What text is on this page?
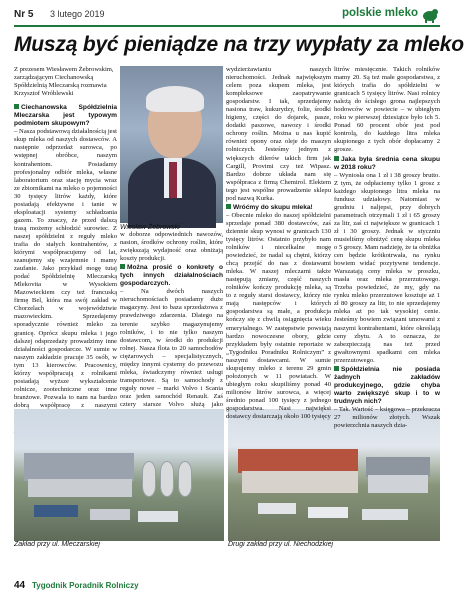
Nr 5 3 lutego 2019	polskie mleko
Muszą być pieniądze na trzy wypłaty za mleko

Z prezesem Wiesławem Żebrowskim, zarządzającym Ciechanowską Spółdzielnią Mleczarską rozmawia Krzysztof Wróblewski

Ciechanowska Spółdzielnia Mleczarska jest typowym podmiotem skupowym?

– Nasza podstawową działalnością jest skup mleka od naszych dostawców. A następnie odprzedaż surowca, po wstępnej obróbce, naszym kontrahentom. Posiadamy profesjonalny odbiór mleka, własne laboratorium oraz stację mycia wraz ze zbiornikami na mleko o pojemności 30 tysięcy litrów każdy, które posiadają efektywne i tanie w eksploatacji systemy schładzania gazem. To znaczy, że przed dalszą trasą możemy schłodzić surowiec. Z naszej spółdzielni z reguły mleko trafia do stałych kontrahentów, z którymi współpracujemy od lat, szanujemy się wzajemnie i mamy zaufanie. Jako przykład mogę tutaj podać Spółdzielnię Mleczarską Mlekovita w Wysokiem Mazowieckiem czy też francuską firmę Bel, która ma swój zakład w Chorzelach w województwie mazowieckim. Sprzedajemy sporadycznie również mleko za granicę. Oprócz skupu mleka i jego dalszej odsprzedaży prowadzimy inne działalności gospodarcze. W sumie w naszym zakładzie pracuje 35 osób, w tym 13 kierowców. Pracownicy, którzy współpracują z rolnikami posiadają wyższe wykształcenie rolnicze, zootechniczne oraz inne branżowe. Pozwala to nam na bardzo dobrą współpracę z naszymi

Wiesław Żebrowski

w doborze odpowiednich nawozów, nasion, środków ochrony roślin, które zwiększają wydajność oraz obniżają koszty produkcji.

Można prosić o konkrety o tych innych działalnościach gospodarczych.

– Na dwóch naszych nieruchomościach posiadamy duże magazyny. Jest to baza sprzedażowa z prawdziwego zdarzenia. Dlatego na terenie szybko magazynujemy rolników, i to nie tylko naszym dostawcom, w środki do produkcji rolnej. Nasza flota to 20 samochodów ciężarowych – specjalistycznych, między innymi cysterny do przewozu mleka, świadczymy również usługi transportowe. Są to samochody z reguły nowe – marki Volvo i Scania oraz jeden samochód Renault. Zaś cztery starsze Volvo służą jako

Zakład przy ul. Mleczarskiej	Drugi zakład przy ul. Niechodzkiej
44 Tygodnik Poradnik Rolniczy

wydzierżawianiu naszych nieruchomości. Jednak największym celem poza skupem mleka, jest kompleksowe zaopatrywanie gospodarstw. I tak, sprzedajemy nasiona traw, kukurydzy, folie, środki higieny, części do dojarek, pasze, dodatki paszowe, nawozy i środki ochrony roślin. Można u nas kupić również opony oraz oleje do maszyn rolniczych. Jesteśmy jednym z większych dilerów takich firm jak Cargill, Provimi czy też Wipasz. Bardzo dobrze układa nam się współpraca z firmą Chemirol. Elektem tego jest wspólne prowadzenie sklepu pod nazwą Kurka.

Wróćmy do skupu mleka!

– Obecnie mleko do naszej spółdzielni sprzedaje ponad 380 dostawców, zaś dziennie skup wynosi w granicach 130 tysięcy litrów. Ostatnio przybyło nam rolników i niecelkalne mogę powiedzieć, że nadal są chętni, którzy chcą przejść do nas z dostawami mleka. W naszej mleczarni także następują zmiany, część naszych rolników kończy produkcję mleka, są to z reguły starsi dostawcy, którzy nie mają następców i których gospodarstwa są małe, a produkcja kończy się z chwilą osiągnięcia wieku emerytalnego. W zastępstwie powstają bardzo nowoczesne obory, gdzie przykładem były ostatnie reportaże w „Tygodniku Poradniku Rolniczym” z naszymi dostawcami. W sumie skupujemy mleko z terenu 29 gmin położonych w 11 powiatach. W ubiegłym roku skupiliśmy ponad 40 milionów litrów surowca, a więcej średnio ponad 100 tysięcy z jednego gospodarstwa. Nasi najwięksi dostawcy dostarczają około 100 tysięcy

litrów miesięcznie. Takich rolników mamy 20. Są też małe gospodarstwa, z których trafia do spółdzielni w granicach 5 tysięcy litrów. Nasi rolnicy należą do ścisłego grona najlepszych hodowców w powiecie – w ubiegłym roku w pierwszej dziesiątce było ich 5. Ponad 60 procent obór jest pod kontrolą, do każdego litra mleka skupionego z tych obór dopłacamy 2 grosze.

Jaka była średnia cena skupu w 2018 roku?

– Wyniosła ona 1 zł i 38 groszy brutto. Z tym, że odpłaciemy tylko 1 grosz z każdego skupionego litra mleka na fundusz udziałowy. Natomiast w grudniu i naljepsi, przy dobrych parametrach otrzymali 1 zł i 65 groszy za litr, zaś ci największe w granicach 1 zł i 30 groszy. Jednak w styczniu musieliśmy obniżyć cenę skupu mleka o 5 groszy. Mam nadzieję, że ta obniżka cen będzie krótkotrwała, na rynku bowiem widać pozytywne tendencje. Warszatają ceny mleka w proszku, masła oraz mleka przerzutowego. Trzeba powiedzieć, że my, gdy na rynku mleko przerzutowe kosztuje aż 1 zł 80 groszy za litr, to nie sprzedajemy mleka aż po tak wysokiej cenie. Jesteśmy bowiem związani umowami z naszymi kontrahentami, które określają ceny zbytu. A to oznacza, że zabezpieczają nas też przed gwałtownymi spadkami cen mleka przerzutowego.

Spółdzielnia nie posiada żadnych zakładów produkcyjnego, gdzie chyba warto zwiększyć skup i to w trudnych nich?

– Tak. Wartość – księgowa – przekracza 27 milionów złotych. Wszak powierzchnia naszych dzia-
